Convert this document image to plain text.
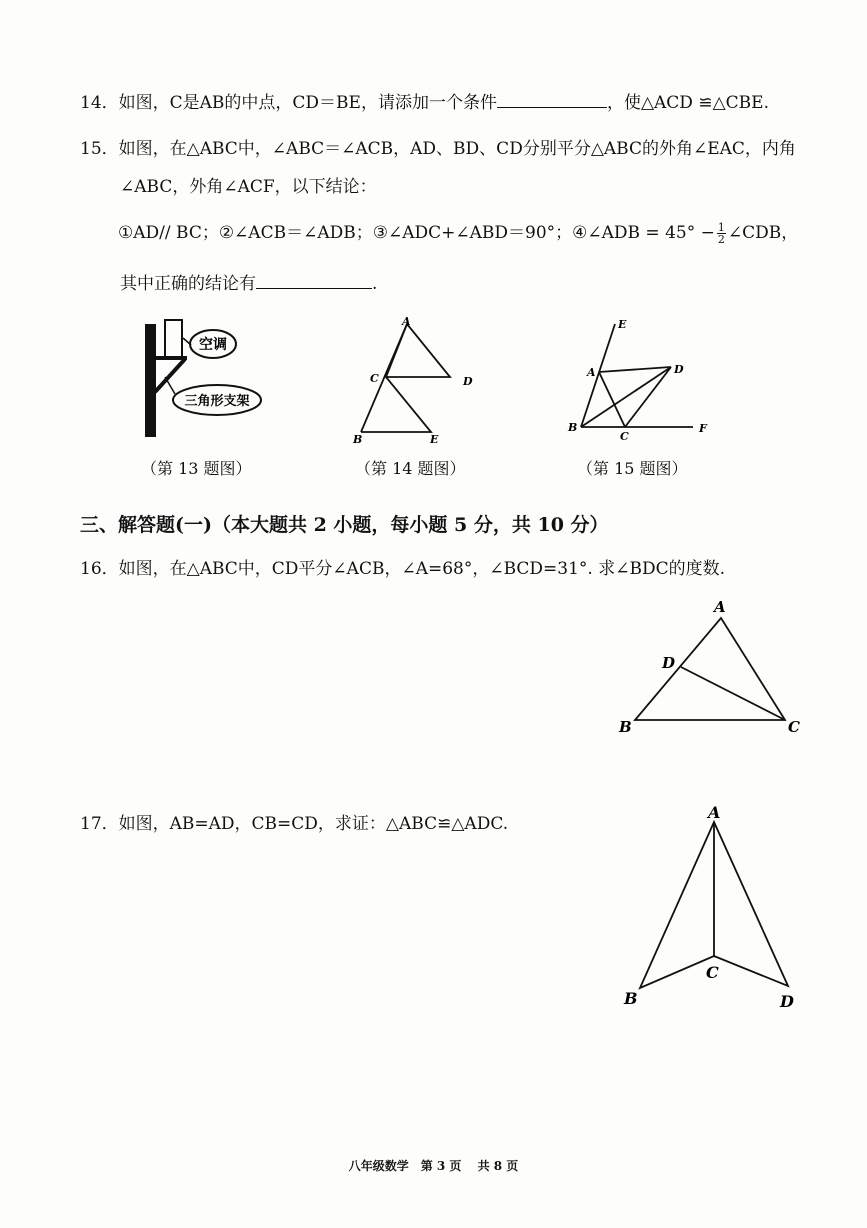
14．如图，C是AB的中点，CD＝BE，请添加一个条件	，使△ACD ≌△CBE.
15．如图，在△ABC中，∠ABC＝∠ACB，AD、BD、CD分别平分△ABC的外角∠EAC，内角
∠ABC，外角∠ACF，以下结论：
①AD// BC；②∠ACB＝∠ADB；③∠ADC+∠ABD＝90°；④∠ADB = $45^\circ - \frac{1}{2}$ ∠CDB，
其中正确的结论有	.
空调
三角形支架
（第 13 题图）
A
C	D
B	E
（第 14 题图）
E
A	D
B
C
F
（第 15 题图）
三、解答题(一)（本大题共 2 小题，每小题 5 分，共 10 分）
16．如图，在△ABC中，CD平分∠ACB，∠A=68°，∠BCD=31°. 求∠BDC的度数.
A
D
B	C
17．如图，AB=AD，CB=CD，求证：△ABC≌△ADC.
A
B
C
D
八年级数学　第 3 页　 共 8 页
